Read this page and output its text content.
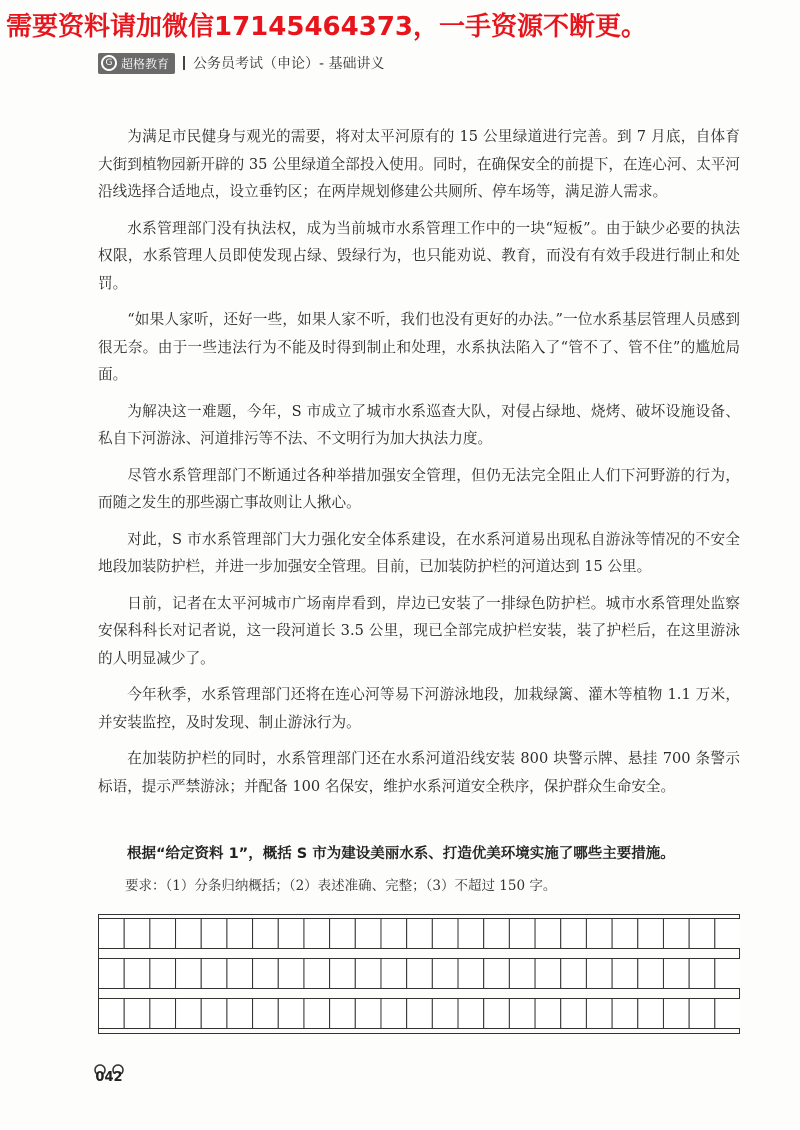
需要资料请加微信17145464373，一手资源不断更。
G 超格教育 公务员考试（申论）- 基础讲义

为满足市民健身与观光的需要，将对太平河原有的 15 公里绿道进行完善。到 7 月底，自体育大街到植物园新开辟的 35 公里绿道全部投入使用。同时，在确保安全的前提下，在连心河、太平河沿线选择合适地点，设立垂钓区；在两岸规划修建公共厕所、停车场等，满足游人需求。

水系管理部门没有执法权，成为当前城市水系管理工作中的一块“短板”。由于缺少必要的执法权限，水系管理人员即使发现占绿、毁绿行为，也只能劝说、教育，而没有有效手段进行制止和处罚。

“如果人家听，还好一些，如果人家不听，我们也没有更好的办法。”一位水系基层管理人员感到很无奈。由于一些违法行为不能及时得到制止和处理，水系执法陷入了“管不了、管不住”的尴尬局面。

为解决这一难题，今年，S 市成立了城市水系巡查大队，对侵占绿地、烧烤、破坏设施设备、私自下河游泳、河道排污等不法、不文明行为加大执法力度。

尽管水系管理部门不断通过各种举措加强安全管理，但仍无法完全阻止人们下河野游的行为，而随之发生的那些溺亡事故则让人揪心。

对此，S 市水系管理部门大力强化安全体系建设，在水系河道易出现私自游泳等情况的不安全地段加装防护栏，并进一步加强安全管理。目前，已加装防护栏的河道达到 15 公里。

日前，记者在太平河城市广场南岸看到，岸边已安装了一排绿色防护栏。城市水系管理处监察安保科科长对记者说，这一段河道长 3.5 公里，现已全部完成护栏安装，装了护栏后，在这里游泳的人明显减少了。

今年秋季，水系管理部门还将在连心河等易下河游泳地段，加栽绿篱、灌木等植物 1.1 万米，并安装监控，及时发现、制止游泳行为。

在加装防护栏的同时，水系管理部门还在水系河道沿线安装 800 块警示牌、悬挂 700 条警示标语，提示严禁游泳；并配备 100 名保安，维护水系河道安全秩序，保护群众生命安全。

根据“给定资料 1”，概括 S 市为建设美丽水系、打造优美环境实施了哪些主要措施。
要求：（1）分条归纳概括；（2）表述准确、完整；（3）不超过 150 字。
042
